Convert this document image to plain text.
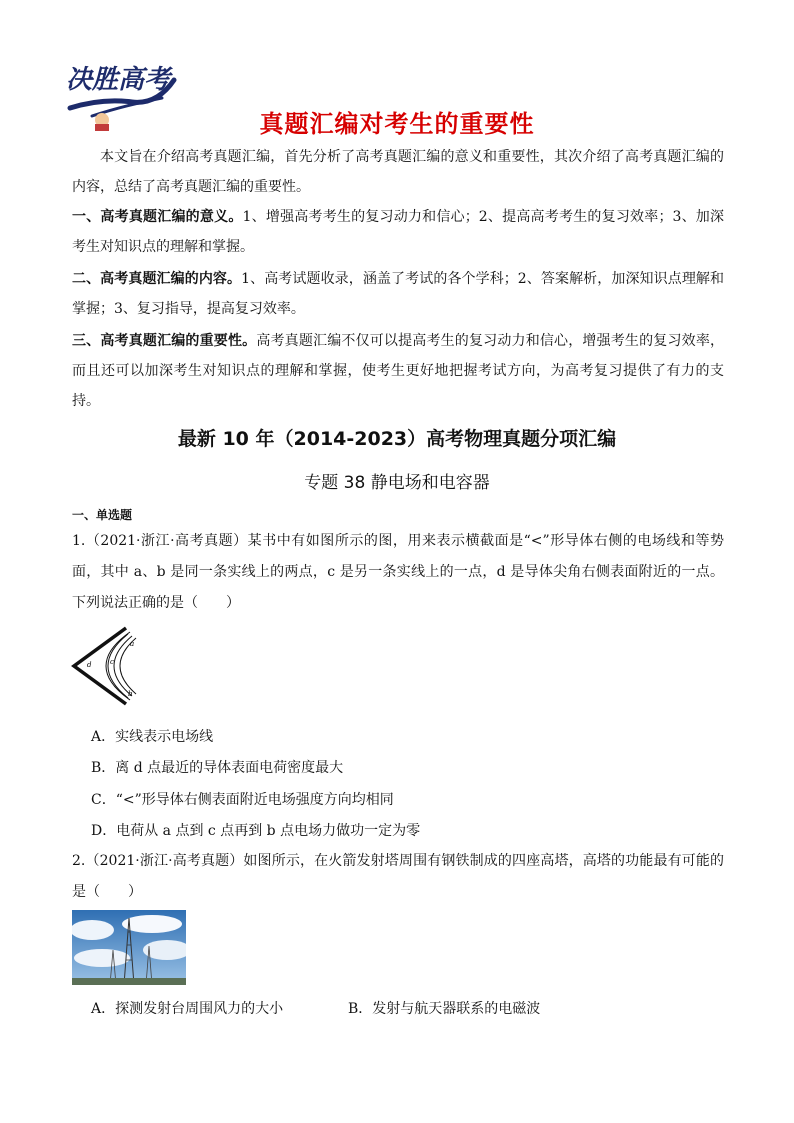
决胜高考
真题汇编对考生的重要性
本文旨在介绍高考真题汇编，首先分析了高考真题汇编的意义和重要性，其次介绍了高考真题汇编的内容，总结了高考真题汇编的重要性。
一、高考真题汇编的意义。1、增强高考考生的复习动力和信心；2、提高高考考生的复习效率；3、加深考生对知识点的理解和掌握。
二、高考真题汇编的内容。1、高考试题收录，涵盖了考试的各个学科；2、答案解析，加深知识点理解和掌握；3、复习指导，提高复习效率。
三、高考真题汇编的重要性。高考真题汇编不仅可以提高考生的复习动力和信心，增强考生的复习效率，而且还可以加深考生对知识点的理解和掌握，使考生更好地把握考试方向，为高考复习提供了有力的支持。
最新 10 年（2014-2023）高考物理真题分项汇编
专题 38 静电场和电容器
一、单选题
1.（2021·浙江·高考真题）某书中有如图所示的图，用来表示横截面是“<”形导体右侧的电场线和等势面，其中 a、b 是同一条实线上的两点，c 是另一条实线上的一点，d 是导体尖角右侧表面附近的一点。下列说法正确的是（　　）
d	c
a
b
A．实线表示电场线
B．离 d 点最近的导体表面电荷密度最大
C．“<”形导体右侧表面附近电场强度方向均相同
D．电荷从 a 点到 c 点再到 b 点电场力做功一定为零
2.（2021·浙江·高考真题）如图所示，在火箭发射塔周围有钢铁制成的四座高塔，高塔的功能最有可能的是（　　）
A．探测发射台周围风力的大小	B．发射与航天器联系的电磁波
